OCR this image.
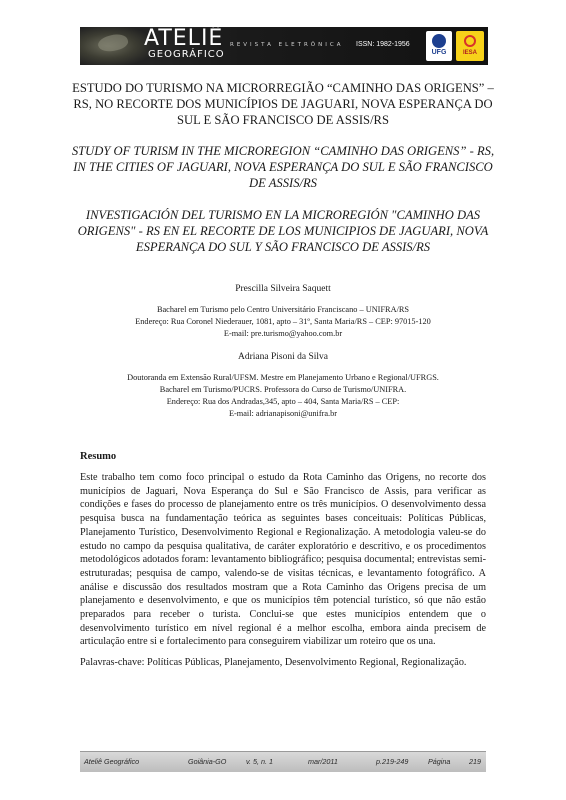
ATELIÊ
GEOGRÁFICO
REVISTA ELETRÔNICA ISSN: 1982-1956
UFG	IESA
ESTUDO DO TURISMO NA MICRORREGIÃO “CAMINHO DAS ORIGENS” – RS, NO RECORTE DOS MUNICÍPIOS DE JAGUARI, NOVA ESPERANÇA DO SUL E SÃO FRANCISCO DE ASSIS/RS
STUDY OF TURISM IN THE MICROREGION “CAMINHO DAS ORIGENS” - RS, IN THE CITIES OF JAGUARI, NOVA ESPERANÇA DO SUL E SÃO FRANCISCO DE ASSIS/RS
INVESTIGACIÓN DEL TURISMO EN LA MICROREGIÓN "CAMINHO DAS ORIGENS" - RS EN EL RECORTE DE LOS MUNICIPIOS DE JAGUARI, NOVA ESPERANÇA DO SUL Y SÃO FRANCISCO DE ASSIS/RS
Prescilla Silveira Saquett
Bacharel em Turismo pelo Centro Universitário Franciscano – UNIFRA/RS
Endereço: Rua Coronel Niederauer, 1081, apto – 31º, Santa Maria/RS – CEP: 97015-120
E-mail: pre.turismo@yahoo.com.br
Adriana Pisoni da Silva
Doutoranda em Extensão Rural/UFSM. Mestre em Planejamento Urbano e Regional/UFRGS.
Bacharel em Turismo/PUCRS. Professora do Curso de Turismo/UNIFRA.
Endereço: Rua dos Andradas,345, apto – 404, Santa Maria/RS – CEP:
E-mail: adrianapisoni@unifra.br
Resumo

Este trabalho tem como foco principal o estudo da Rota Caminho das Origens, no recorte dos municípios de Jaguari, Nova Esperança do Sul e São Francisco de Assis, para verificar as condições e fases do processo de planejamento entre os três municípios. O desenvolvimento dessa pesquisa busca na fundamentação teórica as seguintes bases conceituais: Políticas Públicas, Planejamento Turístico, Desenvolvimento Regional e Regionalização. A metodologia valeu-se do estudo no campo da pesquisa qualitativa, de caráter exploratório e descritivo, e os procedimentos metodológicos adotados foram: levantamento bibliográfico; pesquisa documental; entrevistas semi-estruturadas; pesquisa de campo, valendo-se de visitas técnicas, e levantamento fotográfico. A análise e discussão dos resultados mostram que a Rota Caminho das Origens precisa de um planejamento e desenvolvimento, e que os municípios têm potencial turístico, só que não estão preparados para receber o turista. Conclui-se que estes municípios entendem que o desenvolvimento turístico em nível regional é a melhor escolha, embora ainda precisem de articulação entre si e fortalecimento para conseguirem viabilizar um roteiro que os una.

Palavras-chave: Políticas Públicas, Planejamento, Desenvolvimento Regional, Regionalização.

Ateliê Geográfico	Goiânia-GO	v. 5, n. 1	mar/2011	p.219-249	Página	219
